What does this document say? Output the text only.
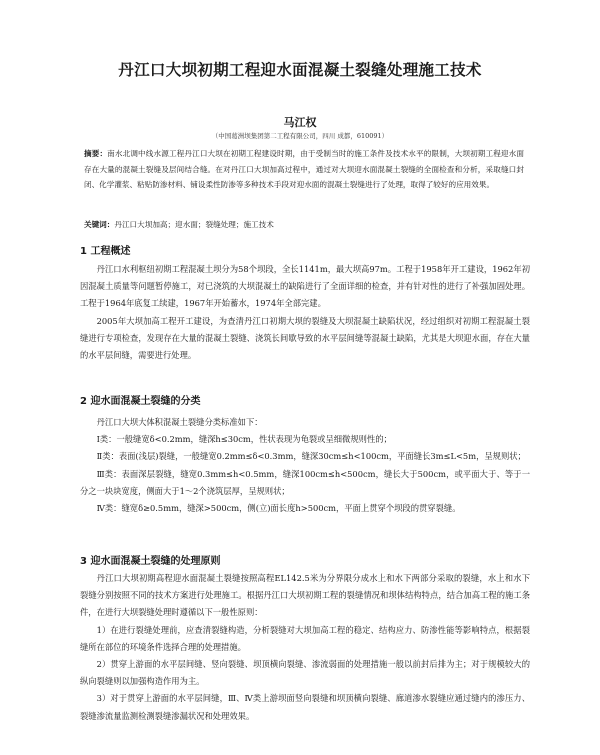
丹江口大坝初期工程迎水面混凝土裂缝处理施工技术
马江权
（中国葛洲坝集团第二工程有限公司，四川 成都，610091）
摘要：南水北调中线水源工程丹江口大坝在初期工程建设时期，由于受制当时的施工条件及技术水平的限制，大坝初期工程迎水面存在大量的混凝土裂缝及层间结合缝。在对丹江口大坝加高过程中，通过对大坝迎水面混凝土裂缝的全面检查和分析，采取缝口封闭、化学灌浆、粘贴防渗材料、铺设柔性防渗等多种技术手段对迎水面的混凝土裂缝进行了处理，取得了较好的应用效果。
关键词：丹江口大坝加高；迎水面；裂缝处理；施工技术
1 工程概述

丹江口水利枢纽初期工程混凝土坝分为58个坝段，全长1141m，最大坝高97m。工程于1958年开工建设，1962年初因混凝土质量等问题暂停施工，对已浇筑的大坝混凝土的缺陷进行了全面详细的检查，并有针对性的进行了补强加固处理。工程于1964年底复工续建，1967年开始蓄水，1974年全部完建。

2005年大坝加高工程开工建设，为查清丹江口初期大坝的裂缝及大坝混凝土缺陷状况，经过组织对初期工程混凝土裂缝进行专项检查，发现存在大量的混凝土裂缝、浇筑长间歇导致的水平层间缝等混凝土缺陷，尤其是大坝迎水面，存在大量的水平层间缝，需要进行处理。

2 迎水面混凝土裂缝的分类

丹江口大坝大体积混凝土裂缝分类标准如下：

Ⅰ类：一般缝宽δ<0.2mm，缝深h≤30cm，性状表现为龟裂或呈细微规则性的；

Ⅱ类：表面(浅层)裂缝，一般缝宽0.2mm≤δ<0.3mm，缝深30cm≤h<100cm，平面缝长3m≤L<5m，呈规则状；

Ⅲ类：表面深层裂缝，缝宽0.3mm≤h<0.5mm，缝深100cm≤h<500cm，缝长大于500cm，或平面大于、等于一分之一块块宽度，侧面大于1～2个浇筑层厚，呈规则状；

Ⅳ类：缝宽δ≥0.5mm，缝深>500cm，侧(立)面长度h>500cm，平面上贯穿个坝段的贯穿裂缝。

3 迎水面混凝土裂缝的处理原则

丹江口大坝初期高程迎水面混凝土裂缝按照高程EL142.5米为分界限分成水上和水下两部分采取的裂缝，水上和水下裂缝分别按照不同的技术方案进行处理施工。根据丹江口大坝初期工程的裂缝情况和坝体结构特点，结合加高工程的施工条件，在进行大坝裂缝处理时遵循以下一般性原则：

1）在进行裂缝处理前，应查清裂缝构造，分析裂缝对大坝加高工程的稳定、结构应力、防渗性能等影响特点，根据裂缝所在部位的环境条件选择合理的处理措施。

2）贯穿上游面的水平层间缝、竖向裂缝、坝顶横向裂缝、渗流弱面的处理措施一般以前封后排为主；对于规模较大的纵向裂缝则以加强构造作用为主。

3）对于贯穿上游面的水平层间缝，Ⅲ、Ⅳ类上游坝面竖向裂缝和坝顶横向裂缝、廊道渗水裂缝应通过缝内的渗压力、裂缝渗流量监测检测裂缝渗漏状况和处理效果。
